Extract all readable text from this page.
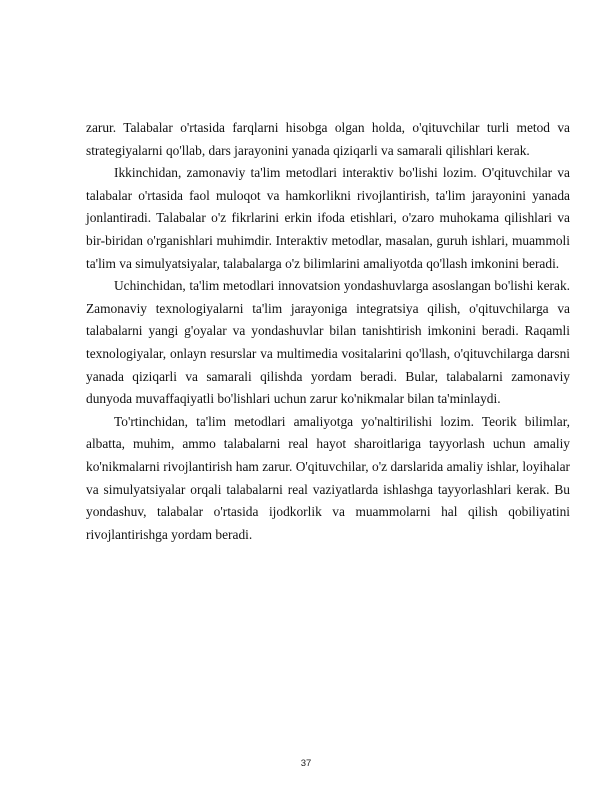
zarur. Talabalar o'rtasida farqlarni hisobga olgan holda, o'qituvchilar turli metod va strategiyalarni qo'llab, dars jarayonini yanada qiziqarli va samarali qilishlari kerak.

Ikkinchidan, zamonaviy ta'lim metodlari interaktiv bo'lishi lozim. O'qituvchilar va talabalar o'rtasida faol muloqot va hamkorlikni rivojlantirish, ta'lim jarayonini yanada jonlantiradi. Talabalar o'z fikrlarini erkin ifoda etishlari, o'zaro muhokama qilishlari va bir-biridan o'rganishlari muhimdir. Interaktiv metodlar, masalan, guruh ishlari, muammoli ta'lim va simulyatsiyalar, talabalarga o'z bilimlarini amaliyotda qo'llash imkonini beradi.

Uchinchidan, ta'lim metodlari innovatsion yondashuvlarga asoslangan bo'lishi kerak. Zamonaviy texnologiyalarni ta'lim jarayoniga integratsiya qilish, o'qituvchilarga va talabalarni yangi g'oyalar va yondashuvlar bilan tanishtirish imkonini beradi. Raqamli texnologiyalar, onlayn resurslar va multimedia vositalarini qo'llash, o'qituvchilarga darsni yanada qiziqarli va samarali qilishda yordam beradi. Bular, talabalarni zamonaviy dunyoda muvaffaqiyatli bo'lishlari uchun zarur ko'nikmalar bilan ta'minlaydi.

To'rtinchidan, ta'lim metodlari amaliyotga yo'naltirilishi lozim. Teorik bilimlar, albatta, muhim, ammo talabalarni real hayot sharoitlariga tayyorlash uchun amaliy ko'nikmalarni rivojlantirish ham zarur. O'qituvchilar, o'z darslarida amaliy ishlar, loyihalar va simulyatsiyalar orqali talabalarni real vaziyatlarda ishlashga tayyorlashlari kerak. Bu yondashuv, talabalar o'rtasida ijodkorlik va muammolarni hal qilish qobiliyatini rivojlantirishga yordam beradi.

37
